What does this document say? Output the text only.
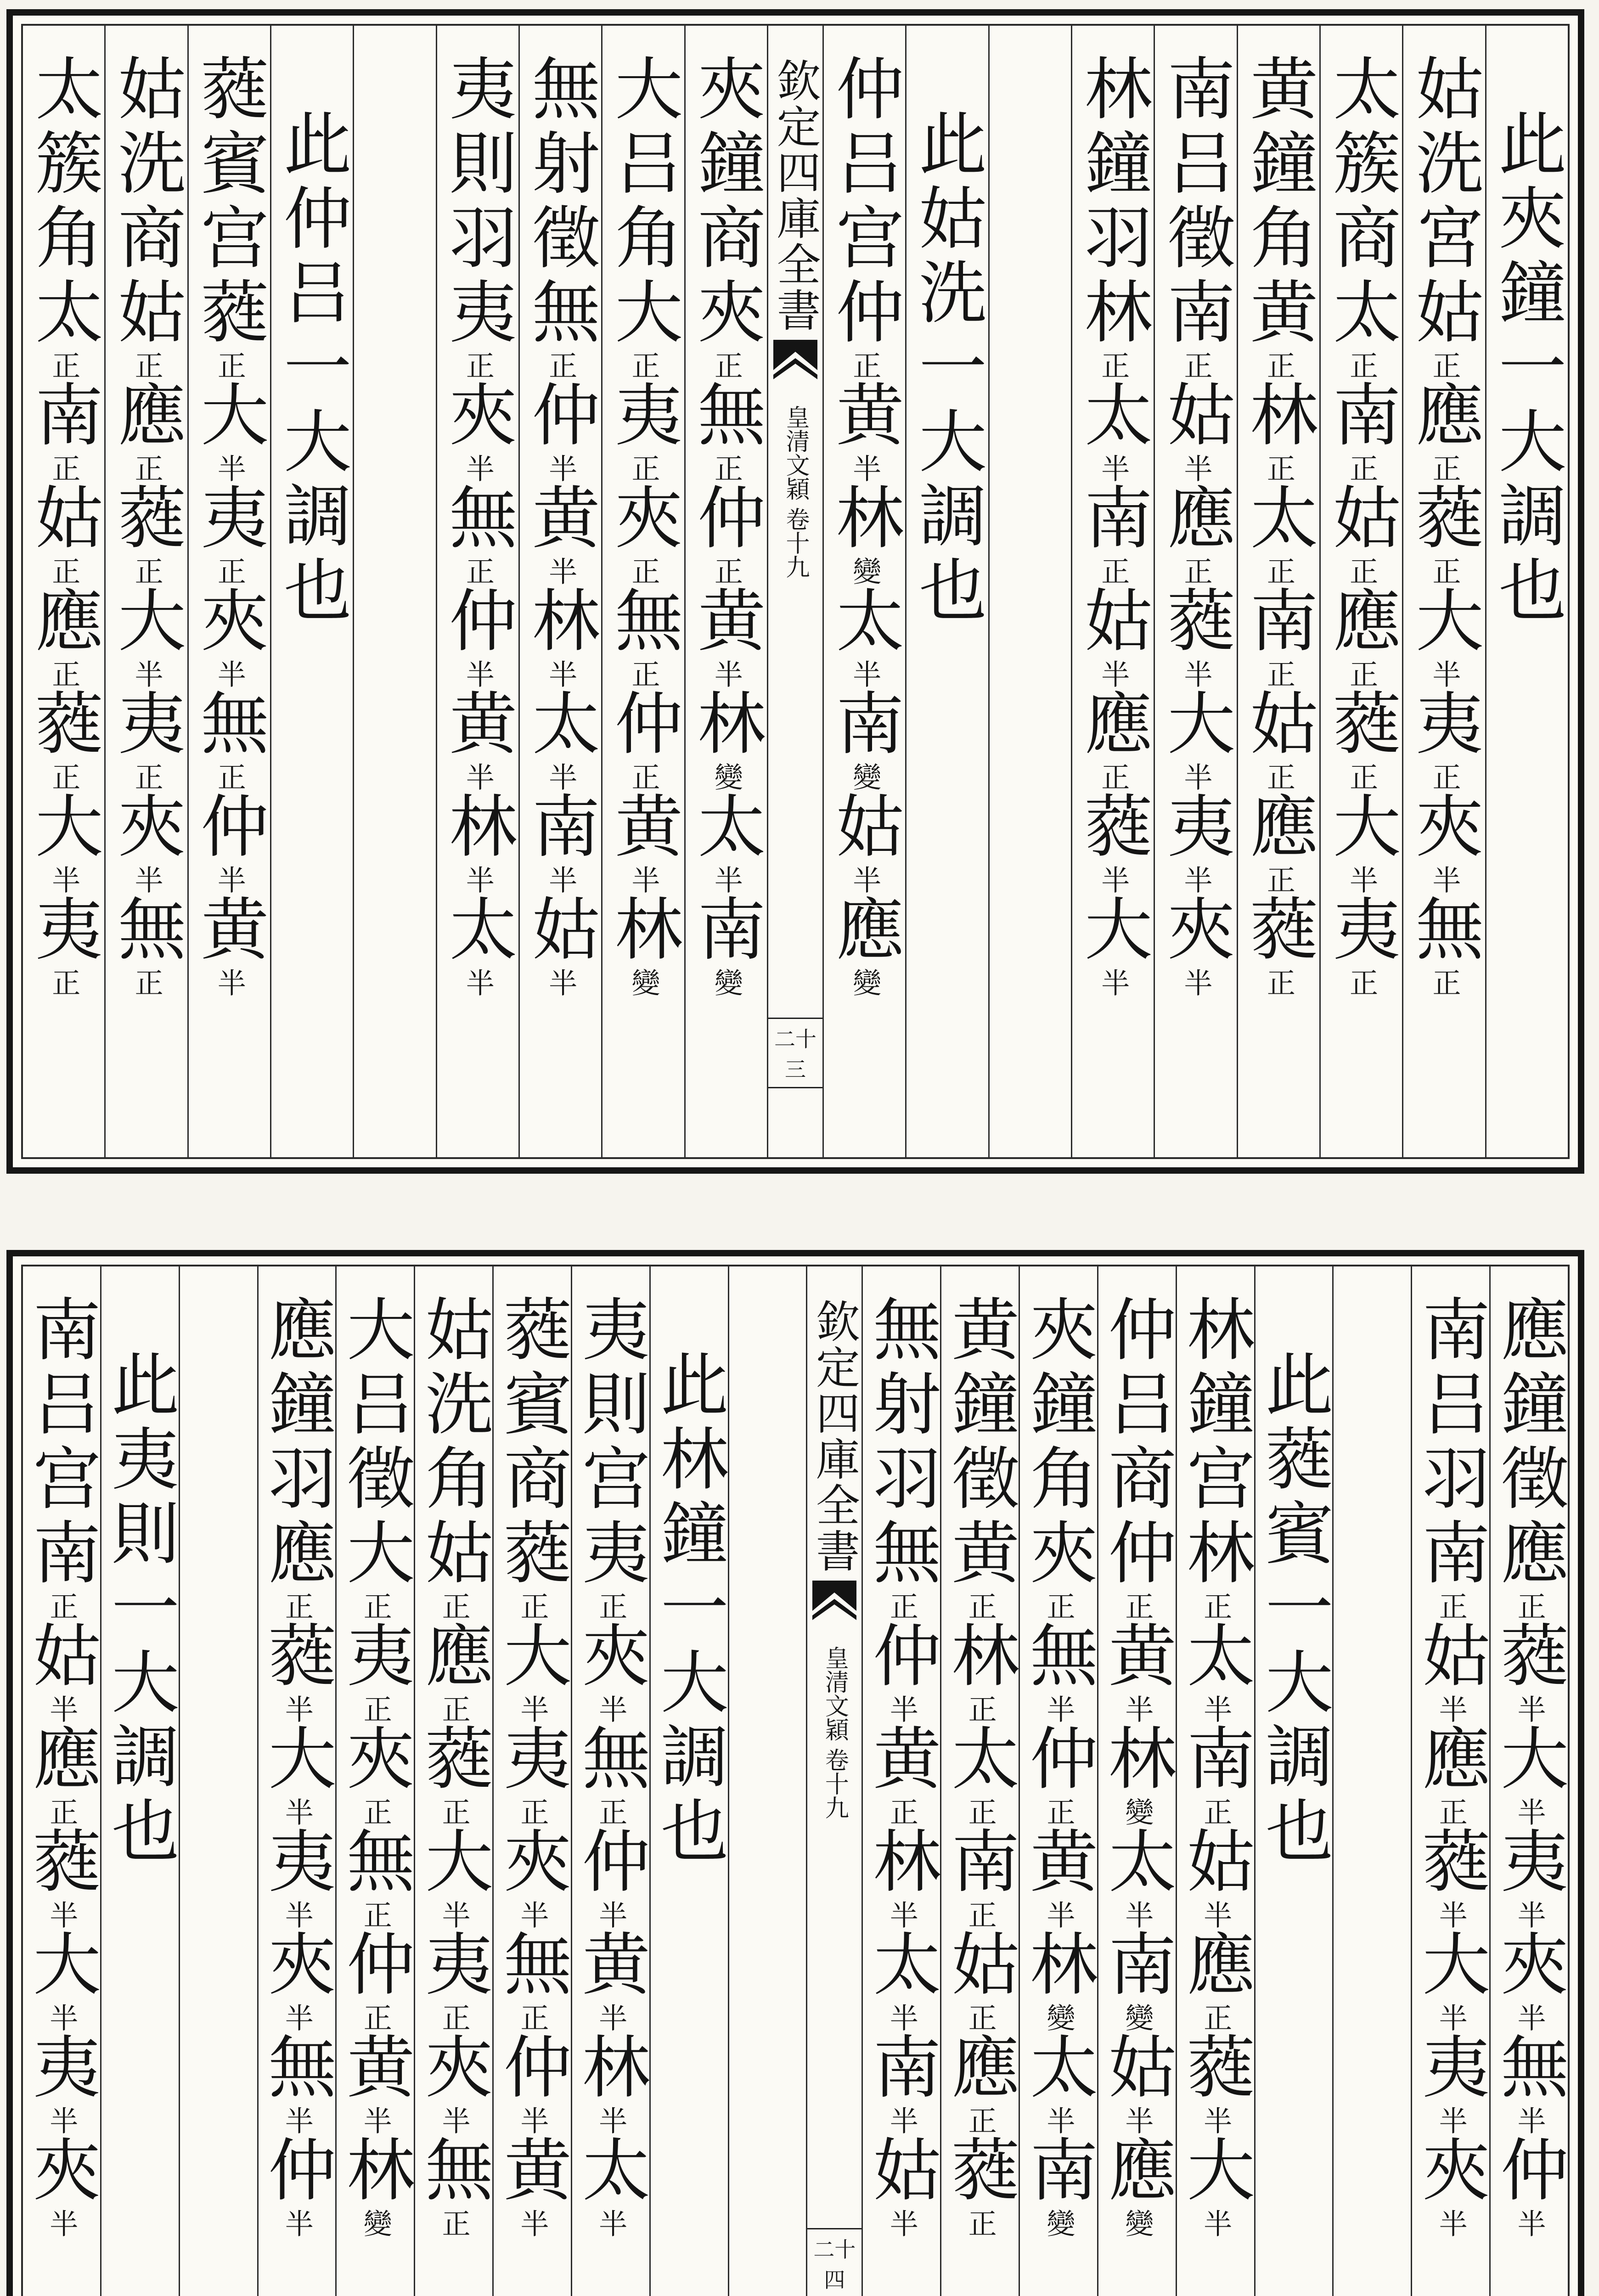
此夾鐘一大調也
姑洗宮姑正應正蕤正大半夷正夾半無正
太簇商太正南正姑正應正蕤正大半夷正
黄鐘角黄正林正太正南正姑正應正蕤正
南吕徵南正姑半應正蕤半大半夷半夾半
林鐘羽林正太半南正姑半應正蕤半大半
此姑洗一大調也
仲吕宫仲正黄半林變太半南變姑半應變
欽定四庫全書
皇清文穎
卷十九
二十三
夾鐘商夾正無正仲正黄半林變太半南變
大吕角大正夷正夾正無正仲正黄半林變
無射徵無正仲半黄半林半太半南半姑半
夷則羽夷正夾半無正仲半黄半林半太半
此仲吕一大調也
蕤賓宫蕤正大半夷正夾半無正仲半黄半
姑洗商姑正應正蕤正大半夷正夾半無正
太簇角太正南正姑正應正蕤正大半夷正
應鐘徵應正蕤半大半夷半夾半無半仲半
南吕羽南正姑半應正蕤半大半夷半夾半
此蕤賓一大調也
林鐘宫林正太半南正姑半應正蕤半大半
仲吕商仲正黄半林變太半南變姑半應變
夾鐘角夾正無半仲正黄半林變太半南變
黄鐘徵黄正林正太正南正姑正應正蕤正
無射羽無正仲半黄正林半太半南半姑半
欽定四庫全書
皇清文穎
卷十九
二十四
此林鐘一大調也
夷則宫夷正夾半無正仲半黄半林半太半
蕤賓商蕤正大半夷正夾半無正仲半黄半
姑洗角姑正應正蕤正大半夷正夾半無正
大吕徵大正夷正夾正無正仲正黄半林變
應鐘羽應正蕤半大半夷半夾半無半仲半
此夷則一大調也
南吕宫南正姑半應正蕤半大半夷半夾半
